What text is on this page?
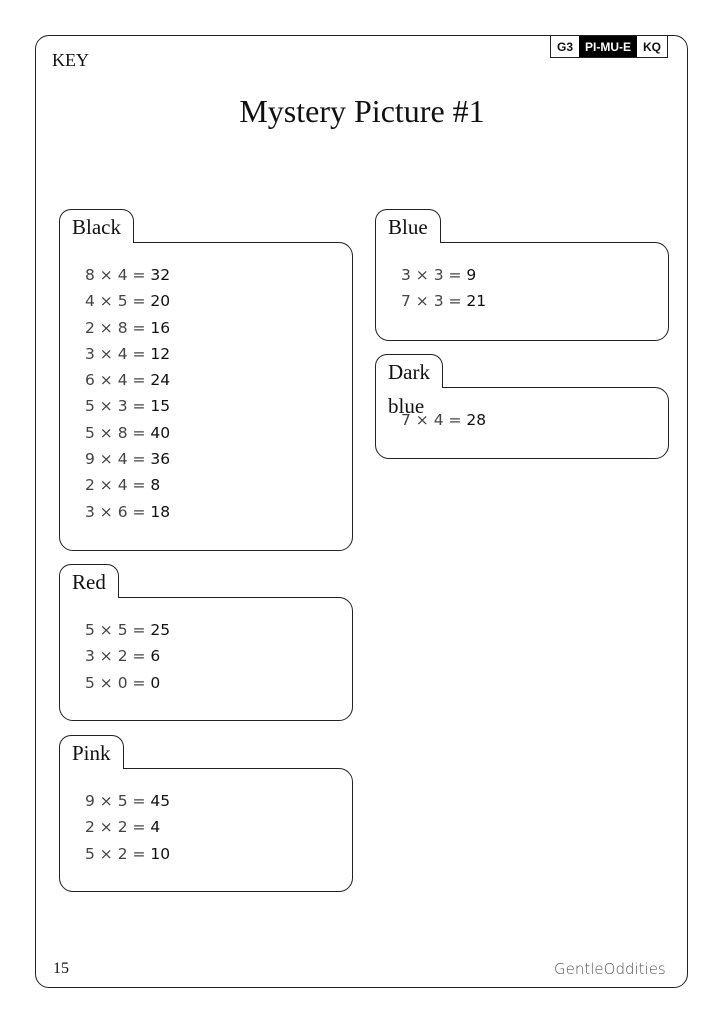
G3	PI-MU-E	KQ
KEY
Mystery Picture #1
Black
8 × 4 = 32
4 × 5 = 20
2 × 8 = 16
3 × 4 = 12
6 × 4 = 24
5 × 3 = 15
5 × 8 = 40
9 × 4 = 36
2 × 4 = 8
3 × 6 = 18
Red
5 × 5 = 25
3 × 2 = 6
5 × 0 = 0
Pink
9 × 5 = 45
2 × 2 = 4
5 × 2 = 10
Blue
3 × 3 = 9
7 × 3 = 21
Dark blue
7 × 4 = 28
15	GentleOddities
